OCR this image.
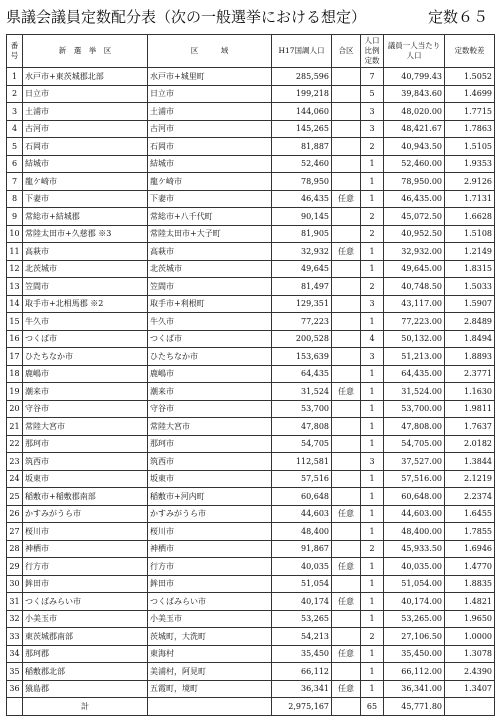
県議会議員定数配分表（次の一般選挙における想定）	定数６５
番号	新　選　挙　区	区　　　域	H17国調人口	合区	人口比例定数	議員一人当たり人口	定数較差
1	水戸市+東茨城郡北部	水戸市+城里町	285,596		7	40,799.43	1.5052
2	日立市	日立市	199,218		5	39,843.60	1.4699
3	土浦市	土浦市	144,060		3	48,020.00	1.7715
4	古河市	古河市	145,265		3	48,421.67	1.7863
5	石岡市	石岡市	81,887		2	40,943.50	1.5105
6	結城市	結城市	52,460		1	52,460.00	1.9353
7	龍ケ崎市	龍ケ崎市	78,950		1	78,950.00	2.9126
8	下妻市	下妻市	46,435	任意	1	46,435.00	1.7131
9	常総市+結城郡	常総市+八千代町	90,145		2	45,072.50	1.6628
10	常陸太田市+久慈郡 ※3	常陸太田市+大子町	81,905		2	40,952.50	1.5108
11	高萩市	高萩市	32,932	任意	1	32,932.00	1.2149
12	北茨城市	北茨城市	49,645		1	49,645.00	1.8315
13	笠間市	笠間市	81,497		2	40,748.50	1.5033
14	取手市+北相馬郡 ※2	取手市+利根町	129,351		3	43,117.00	1.5907
15	牛久市	牛久市	77,223		1	77,223.00	2.8489
16	つくば市	つくば市	200,528		4	50,132.00	1.8494
17	ひたちなか市	ひたちなか市	153,639		3	51,213.00	1.8893
18	鹿嶋市	鹿嶋市	64,435		1	64,435.00	2.3771
19	潮来市	潮来市	31,524	任意	1	31,524.00	1.1630
20	守谷市	守谷市	53,700		1	53,700.00	1.9811
21	常陸大宮市	常陸大宮市	47,808		1	47,808.00	1.7637
22	那珂市	那珂市	54,705		1	54,705.00	2.0182
23	筑西市	筑西市	112,581		3	37,527.00	1.3844
24	坂東市	坂東市	57,516		1	57,516.00	2.1219
25	稲敷市+稲敷郡南部	稲敷市+河内町	60,648		1	60,648.00	2.2374
26	かすみがうら市	かすみがうら市	44,603	任意	1	44,603.00	1.6455
27	桜川市	桜川市	48,400		1	48,400.00	1.7855
28	神栖市	神栖市	91,867		2	45,933.50	1.6946
29	行方市	行方市	40,035	任意	1	40,035.00	1.4770
30	鉾田市	鉾田市	51,054		1	51,054.00	1.8835
31	つくばみらい市	つくばみらい市	40,174	任意	1	40,174.00	1.4821
32	小美玉市	小美玉市	53,265		1	53,265.00	1.9650
33	東茨城郡南部	茨城町，大洗町	54,213		2	27,106.50	1.0000
34	那珂郡	東海村	35,450	任意	1	35,450.00	1.3078
35	稲敷郡北部	美浦村，阿見町	66,112		1	66,112.00	2.4390
36	猿島郡	五霞町，境町	36,341	任意	1	36,341.00	1.3407
	計		2,975,167		65	45,771.80	
